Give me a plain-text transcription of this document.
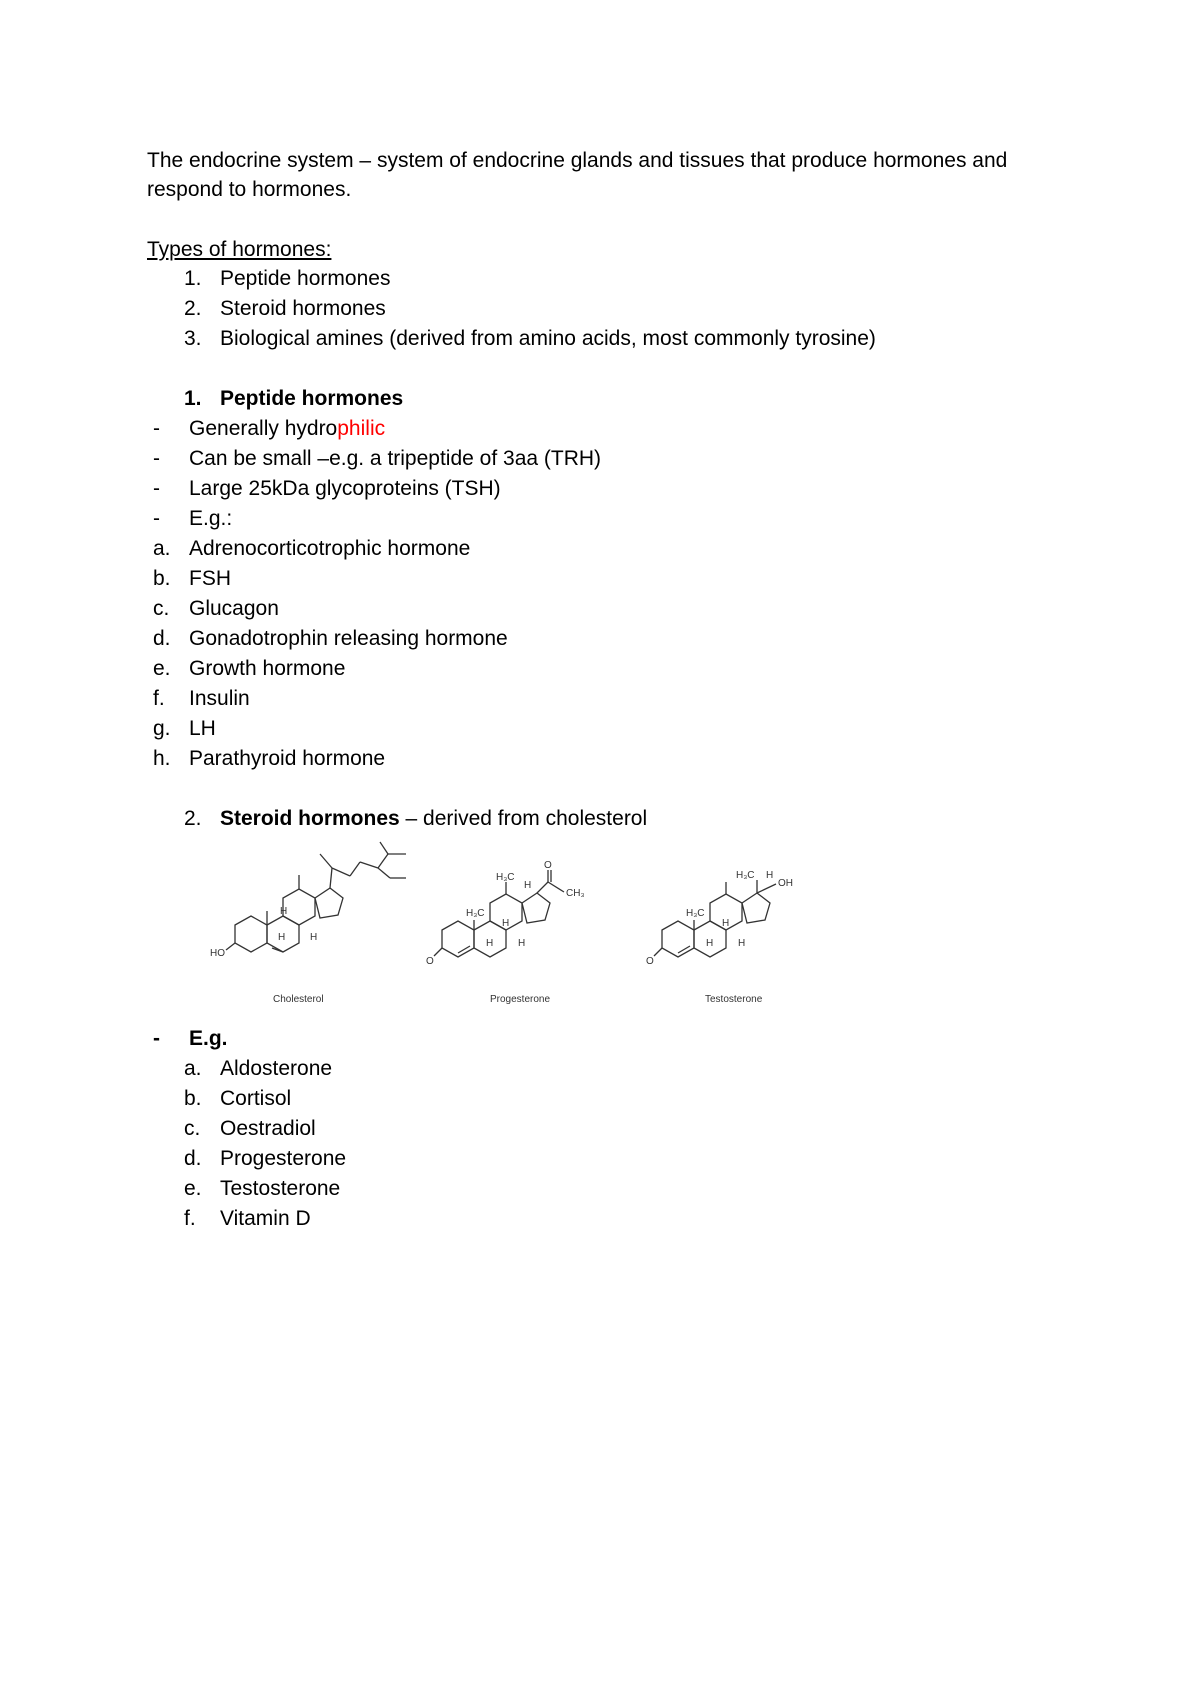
The endocrine system – system of endocrine glands and tissues that produce hormones and
respond to hormones.
Types of hormones:
1. Peptide hormones
2. Steroid hormones
3. Biological amines (derived from amino acids, most commonly tyrosine)
1. Peptide hormones
- Generally hydrophilic
- Can be small –e.g. a tripeptide of 3aa (TRH)
- Large 25kDa glycoproteins (TSH)
- E.g.:
a. Adrenocorticotrophic hormone
b. FSH
c. Glucagon
d. Gonadotrophin releasing hormone
e. Growth hormone
f. Insulin
g. LH
h. Parathyroid hormone
2. Steroid hormones – derived from cholesterol
HO
H
H H
Cholesterol
O
H₃C
H₃C
H
H
H H
O
CH₃
Progesterone
O
H₃C
H₃C H
OH
H
H H
Testosterone
- E.g.
a. Aldosterone
b. Cortisol
c. Oestradiol
d. Progesterone
e. Testosterone
f. Vitamin D
